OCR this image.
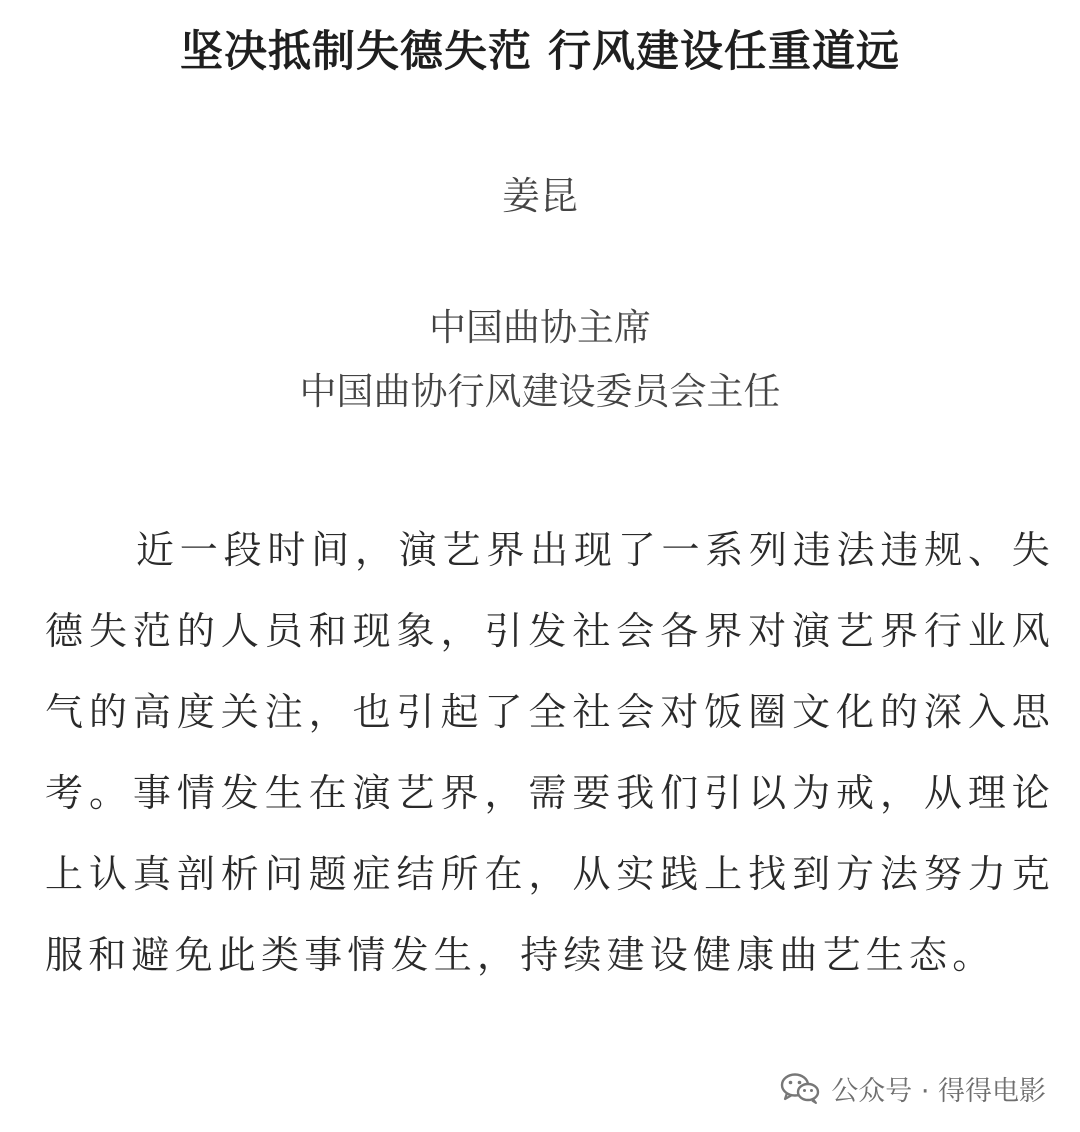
坚决抵制失德失范 行风建设任重道远
姜昆
中国曲协主席
中国曲协行风建设委员会主任

近一段时间，演艺界出现了一系列违法违规、失德失范的人员和现象，引发社会各界对演艺界行业风气的高度关注，也引起了全社会对饭圈文化的深入思考。事情发生在演艺界，需要我们引以为戒，从理论上认真剖析问题症结所在，从实践上找到方法努力克服和避免此类事情发生，持续建设健康曲艺生态。

公众号 · 得得电影
